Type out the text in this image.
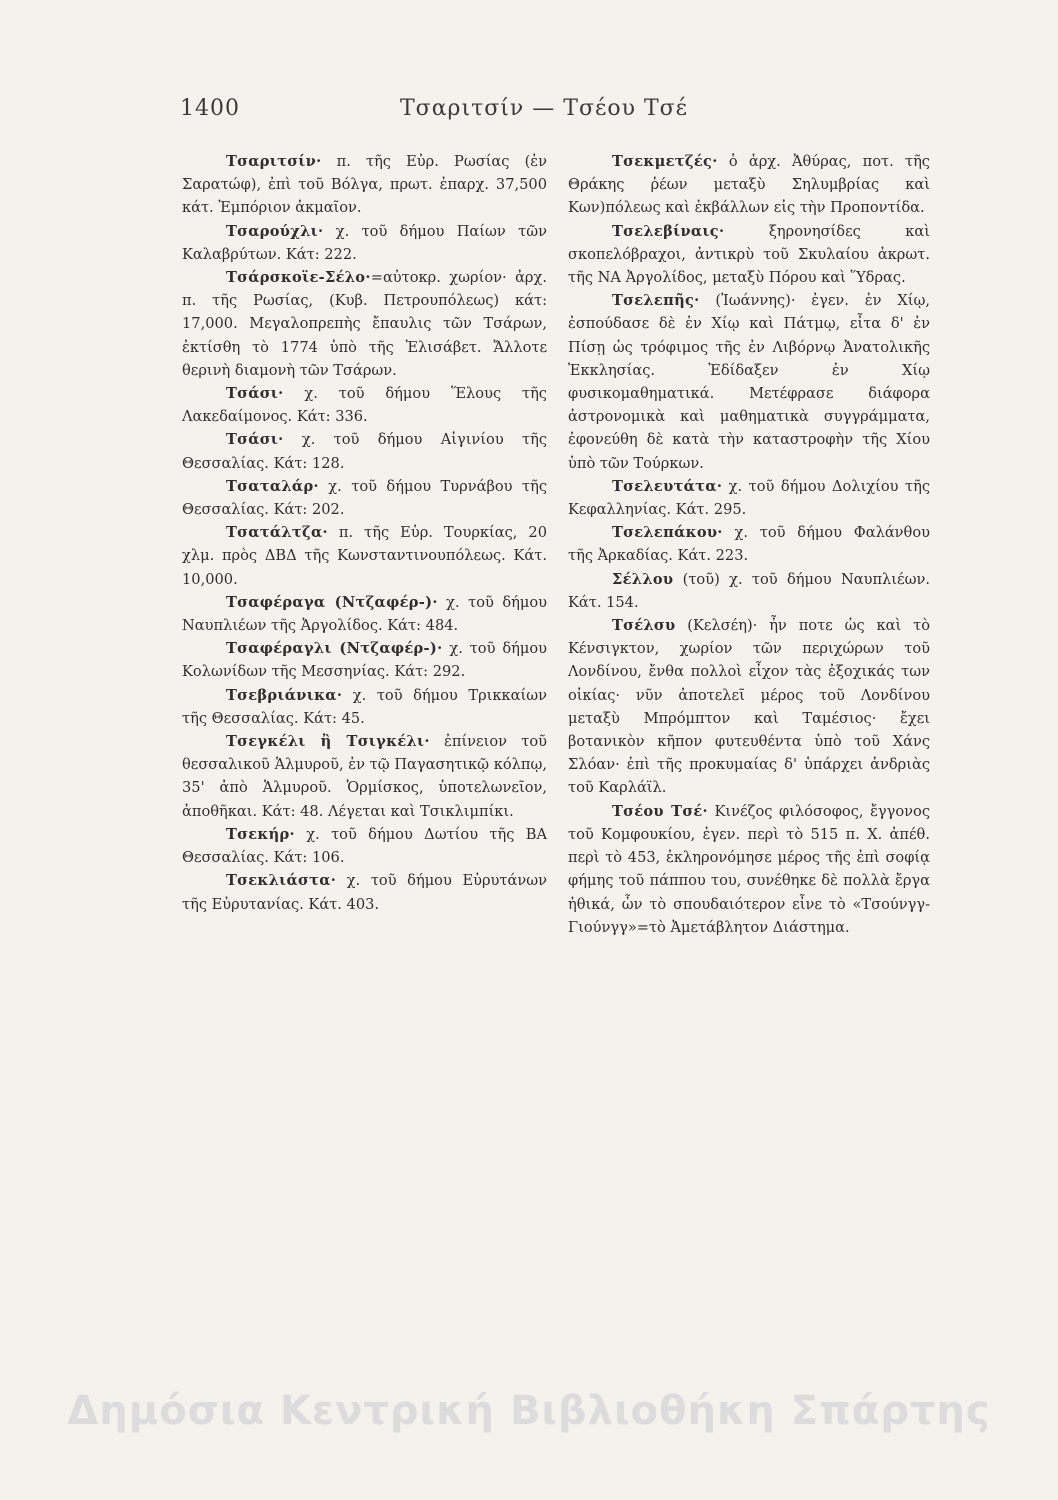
1400	Τσαριτσίν — Τσέου Τσέ

Τσαριτσίν· π. τῆς Εὐρ. Ρωσίας (ἐν Σαρατώφ), ἐπὶ τοῦ Βόλγα, πρωτ. ἐπαρχ. 37,500 κάτ. Ἐμπόριον ἀκμαῖον.

Τσαρούχλι· χ. τοῦ δήμου Παίων τῶν Καλαβρύτων. Κάτ: 222.

Τσάρσκοϊε-Σέλο·=αὐτοκρ. χωρίον· ἀρχ. π. τῆς Ρωσίας, (Κυβ. Πετρουπόλεως) κάτ: 17,000. Μεγαλοπρεπὴς ἔπαυλις τῶν Τσάρων, ἐκτίσθη τὸ 1774 ὑπὸ τῆς Ἐλισάβετ. Ἄλλοτε θερινὴ διαμονὴ τῶν Τσάρων.

Τσάσι· χ. τοῦ δήμου Ἕλους τῆς Λακεδαίμονος. Κάτ: 336.

Τσάσι· χ. τοῦ δήμου Αἰγινίου τῆς Θεσσαλίας. Κάτ: 128.

Τσαταλάρ· χ. τοῦ δήμου Τυρνάβου τῆς Θεσσαλίας. Κάτ: 202.

Τσατάλτζα· π. τῆς Εὐρ. Τουρκίας, 20 χλμ. πρὸς ΔΒΔ τῆς Κωνσταντινουπόλεως. Κάτ. 10,000.

Τσαφέραγα (Ντζαφέρ-)· χ. τοῦ δήμου Ναυπλιέων τῆς Ἀργολίδος. Κάτ: 484.

Τσαφέραγλι (Ντζαφέρ-)· χ. τοῦ δήμου Κολωνίδων τῆς Μεσσηνίας. Κάτ: 292.

Τσεβριάνικα· χ. τοῦ δήμου Τρικκαίων τῆς Θεσσαλίας. Κάτ: 45.

Τσεγκέλι ἢ Τσιγκέλι· ἐπίνειον τοῦ θεσσαλικοῦ Ἁλμυροῦ, ἐν τῷ Παγασητικῷ κόλπῳ, 35' ἀπὸ Ἁλμυροῦ. Ὁρμίσκος, ὑποτελωνεῖον, ἀποθῆκαι. Κάτ: 48. Λέγεται καὶ Τσικλιμπίκι.

Τσεκήρ· χ. τοῦ δήμου Δωτίου τῆς ΒΑ Θεσσαλίας. Κάτ: 106.

Τσεκλιάστα· χ. τοῦ δήμου Εὐρυτάνων τῆς Εὐρυτανίας. Κάτ. 403.

Τσεκμετζές· ὁ ἀρχ. Ἀθύρας, ποτ. τῆς Θράκης ῥέων μεταξὺ Σηλυμβρίας καὶ Κων)πόλεως καὶ ἐκβάλλων εἰς τὴν Προποντίδα.

Τσελεβίναις· ξηρονησίδες καὶ σκοπελόβραχοι, ἀντικρὺ τοῦ Σκυλαίου ἀκρωτ. τῆς ΝΑ Ἀργολίδος, μεταξὺ Πόρου καὶ Ὕδρας.

Τσελεπῆς· (Ἰωάννης)· ἐγεν. ἐν Χίῳ, ἐσπούδασε δὲ ἐν Χίῳ καὶ Πάτμῳ, εἶτα δ' ἐν Πίσῃ ὡς τρόφιμος τῆς ἐν Λιβόρνῳ Ἀνατολικῆς Ἐκκλησίας. Ἐδίδαξεν ἐν Χίῳ φυσικομαθηματικά. Μετέφρασε διάφορα ἀστρονομικὰ καὶ μαθηματικὰ συγγράμματα, ἐφονεύθη δὲ κατὰ τὴν καταστροφὴν τῆς Χίου ὑπὸ τῶν Τούρκων.

Τσελευτάτα· χ. τοῦ δήμου Δολιχίου τῆς Κεφαλληνίας. Κάτ. 295.

Τσελεπάκου· χ. τοῦ δήμου Φαλάνθου τῆς Ἀρκαδίας. Κάτ. 223.

Σέλλου (τοῦ) χ. τοῦ δήμου Ναυπλιέων. Κάτ. 154.

Τσέλσυ (Κελσέη)· ἦν ποτε ὡς καὶ τὸ Κένσιγκτον, χωρίον τῶν περιχώρων τοῦ Λονδίνου, ἔνθα πολλοὶ εἶχον τὰς ἐξοχικάς των οἰκίας· νῦν ἀποτελεῖ μέρος τοῦ Λονδίνου μεταξὺ Μπρόμπτον καὶ Ταμέσιος· ἔχει βοτανικὸν κῆπον φυτευθέντα ὑπὸ τοῦ Χάνς Σλόαν· ἐπὶ τῆς προκυμαίας δ' ὑπάρχει ἀνδριὰς τοῦ Καρλάϊλ.

Τσέου Τσέ· Κινέζος φιλόσοφος, ἔγγονος τοῦ Κομφουκίου, ἐγεν. περὶ τὸ 515 π. Χ. ἀπέθ. περὶ τὸ 453, ἐκληρονόμησε μέρος τῆς ἐπὶ σοφίᾳ φήμης τοῦ πάππου του, συνέθηκε δὲ πολλὰ ἔργα ἠθικά, ὧν τὸ σπουδαιότερον εἶνε τὸ «Τσούνγγ-Γιούνγγ»=τὸ Ἀμετάβλητον Διάστημα.

Δημόσια Κεντρική Βιβλιοθήκη Σπάρτης
